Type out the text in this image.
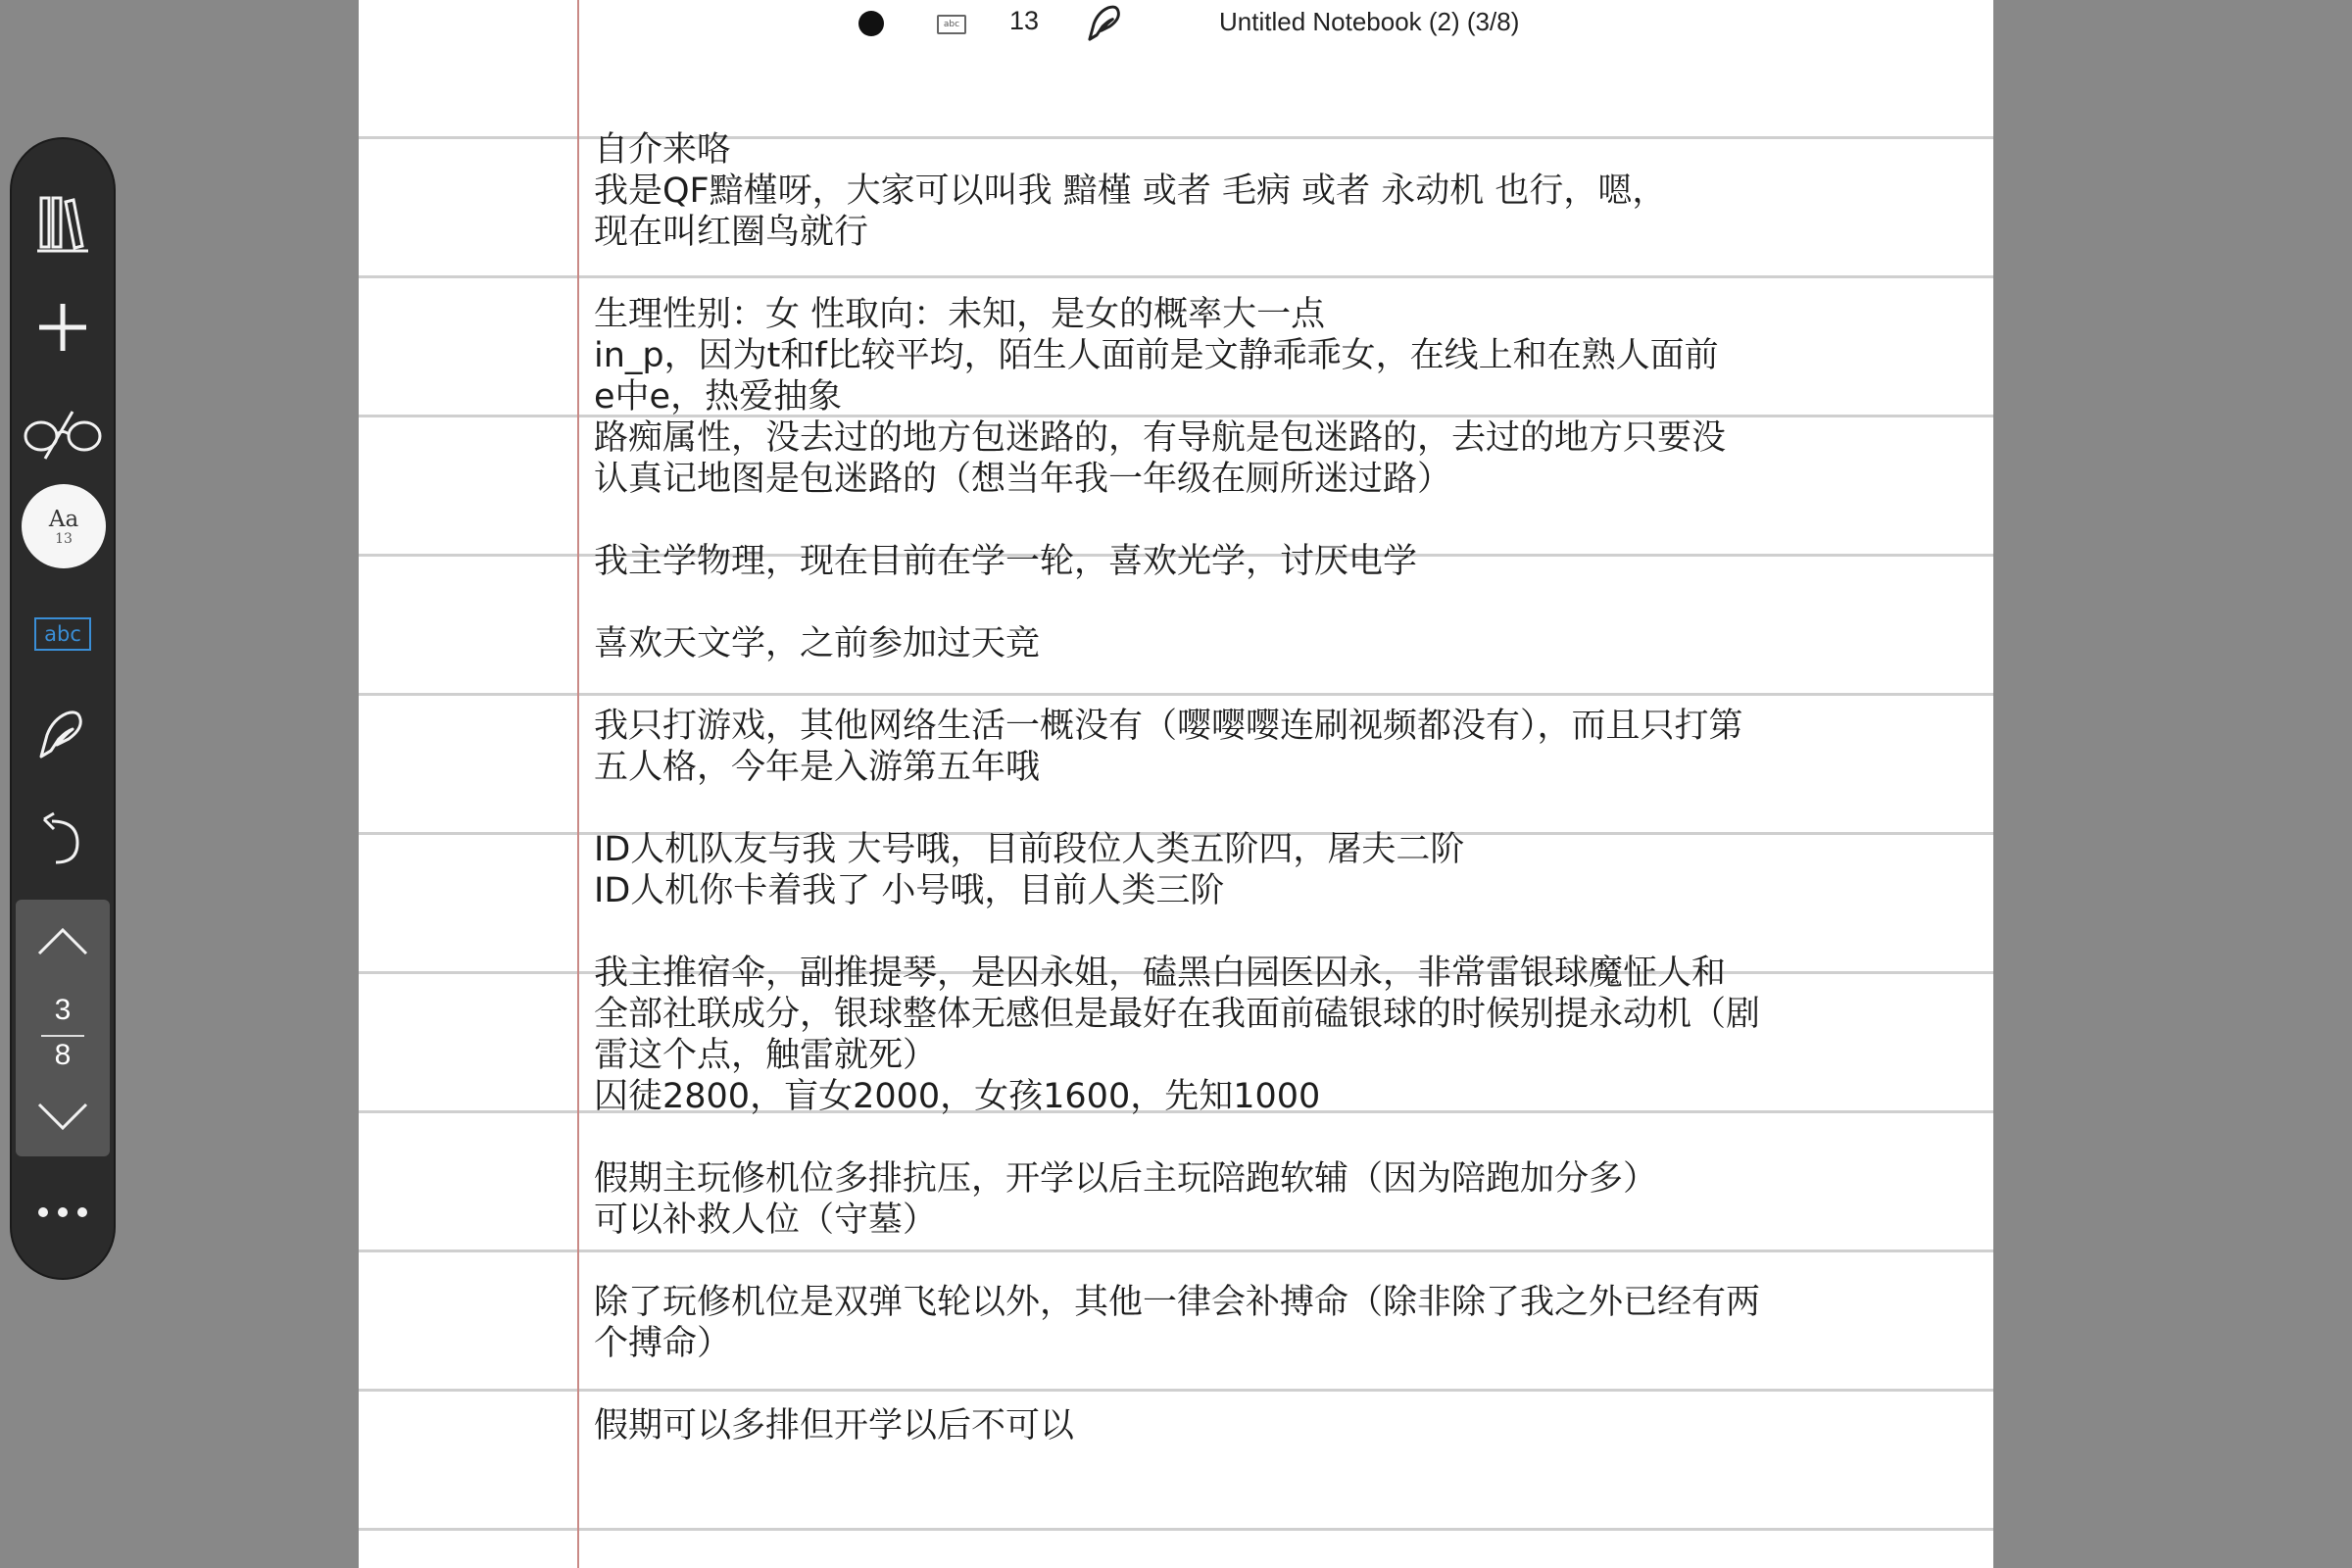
Aa
13
abc
3
8
abc 13	Untitled Notebook (2) (3/8)
自介来咯
我是QF黯槿呀，大家可以叫我 黯槿 或者 毛病 或者 永动机 也行，嗯，
现在叫红圈鸟就行
生理性别：女 性取向：未知，是女的概率大一点
in_p，因为t和f比较平均，陌生人面前是文静乖乖女，在线上和在熟人面前
e中e，热爱抽象
路痴属性，没去过的地方包迷路的，有导航是包迷路的，去过的地方只要没
认真记地图是包迷路的（想当年我一年级在厕所迷过路）
我主学物理，现在目前在学一轮，喜欢光学，讨厌电学
喜欢天文学，之前参加过天竞
我只打游戏，其他网络生活一概没有（嘤嘤嘤连刷视频都没有），而且只打第
五人格，今年是入游第五年哦
ID人机队友与我 大号哦，目前段位人类五阶四，屠夫二阶
ID人机你卡着我了 小号哦，目前人类三阶
我主推宿伞，副推提琴，是囚永姐，磕黑白园医囚永，非常雷银球魔怔人和
全部社联成分，银球整体无感但是最好在我面前磕银球的时候别提永动机（剧
雷这个点，触雷就死）
囚徒2800，盲女2000，女孩1600，先知1000
假期主玩修机位多排抗压，开学以后主玩陪跑软辅（因为陪跑加分多）
可以补救人位（守墓）
除了玩修机位是双弹飞轮以外，其他一律会补搏命（除非除了我之外已经有两
个搏命）
假期可以多排但开学以后不可以
